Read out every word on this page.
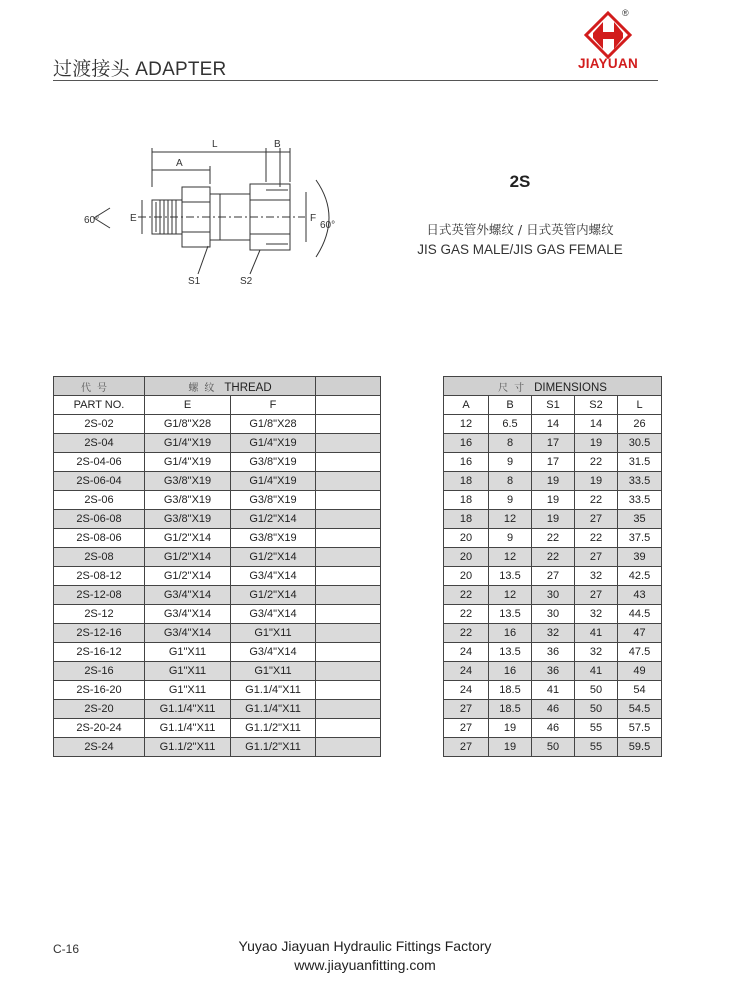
过渡接头 ADAPTER
®
JIAYUAN
L
A
B
E	F
60°	60°
S1	S2
2S
日式英管外螺纹 / 日式英管内螺纹
JIS GAS MALE/JIS GAS FEMALE
代号	螺纹 THREAD				尺寸 DIMENSIONS				
PART NO.	E	F			A	B	S1	S2	L
2S-02	G1/8"X28	G1/8"X28			12	6.5	14	14	26
2S-04	G1/4"X19	G1/4"X19			16	8	17	19	30.5
2S-04-06	G1/4"X19	G3/8"X19			16	9	17	22	31.5
2S-06-04	G3/8"X19	G1/4"X19			18	8	19	19	33.5
2S-06	G3/8"X19	G3/8"X19			18	9	19	22	33.5
2S-06-08	G3/8"X19	G1/2"X14			18	12	19	27	35
2S-08-06	G1/2"X14	G3/8"X19			20	9	22	22	37.5
2S-08	G1/2"X14	G1/2"X14			20	12	22	27	39
2S-08-12	G1/2"X14	G3/4"X14			20	13.5	27	32	42.5
2S-12-08	G3/4"X14	G1/2"X14			22	12	30	27	43
2S-12	G3/4"X14	G3/4"X14			22	13.5	30	32	44.5
2S-12-16	G3/4"X14	G1"X11			22	16	32	41	47
2S-16-12	G1"X11	G3/4"X14			24	13.5	36	32	47.5
2S-16	G1"X11	G1"X11			24	16	36	41	49
2S-16-20	G1"X11	G1.1/4"X11			24	18.5	41	50	54
2S-20	G1.1/4"X11	G1.1/4"X11			27	18.5	46	50	54.5
2S-20-24	G1.1/4"X11	G1.1/2"X11			27	19	46	55	57.5
2S-24	G1.1/2"X11	G1.1/2"X11			27	19	50	55	59.5
C-16	Yuyao Jiayuan Hydraulic Fittings Factory
www.jiayuanfitting.com
